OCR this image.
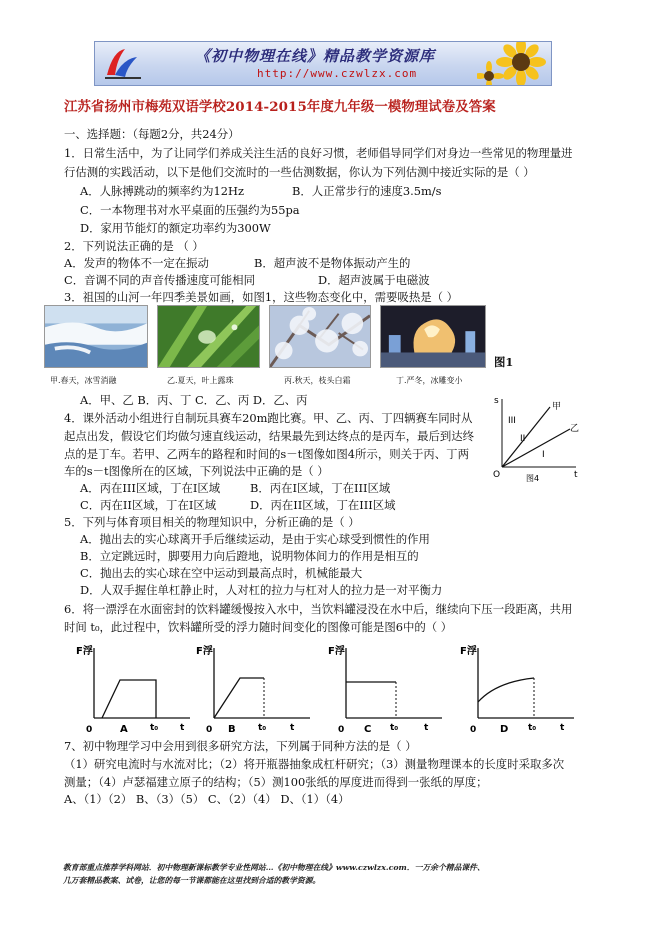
《初中物理在线》精品教学资源库
http://www.czwlzx.com
江苏省扬州市梅苑双语学校2014-2015年度九年级一模物理试卷及答案
一、选择题：（每题2分，共24分）
1．日常生活中，为了让同学们养成关注生活的良好习惯，老师倡导同学们对身边一些常见的物理量进
行估测的实践活动，以下是他们交流时的一些估测数据，你认为下列估测中接近实际的是（ ）
A．人脉搏跳动的频率约为12Hz	B．人正常步行的速度3.5m/s
C．一本物理书对水平桌面的压强约为55pa
D．家用节能灯的额定功率约为300W
2．下列说法正确的是 （ ）
A．发声的物体不一定在振动	B．超声波不是物体振动产生的
C．音调不同的声音传播速度可能相同	D．超声波属于电磁波
3．祖国的山河一年四季美景如画，如图1，这些物态变化中，需要吸热是（ ）
图1
甲.春天，冰雪消融	乙.夏天，叶上露珠	丙.秋天，枝头白霜	丁.严冬，冰雕变小
A．甲、乙 B．丙、丁 C．乙、丙 D．乙、丙
4．课外活动小组进行自制玩具赛车20m跑比赛。甲、乙、丙、丁四辆赛车同时从
起点出发，假设它们均做匀速直线运动，结果最先到达终点的是丙车，最后到达终
点的是丁车。若甲、乙两车的路程和时间的s－t图像如图4所示，则关于丙、丁两
车的s－t图像所在的区域，下列说法中正确的是（ ）
A．丙在III区域，丁在I区域	B．丙在I区域，丁在III区域
C．丙在II区域，丁在I区域	D．丙在II区域，丁在III区域
s
t
O
甲
乙
III
II
I
图4
5．下列与体育项目相关的物理知识中，分析正确的是（ ）
A．抛出去的实心球离开手后继续运动，是由于实心球受到惯性的作用
B．立定跳远时，脚要用力向后蹬地，说明物体间力的作用是相互的
C．抛出去的实心球在空中运动到最高点时，机械能最大
D．人双手握住单杠静止时，人对杠的拉力与杠对人的拉力是一对平衡力
6．将一漂浮在水面密封的饮料罐缓慢按入水中，当饮料罐浸没在水中后，继续向下压一段距离，共用
时间 t₀，此过程中，饮料罐所受的浮力随时间变化的图像可能是图6中的（ ）
F浮
0	A t₀ t
F浮
0 B t₀	t
F浮
0 C t₀	t
F浮
0 D t₀	t
7、初中物理学习中会用到很多研究方法，下列属于同种方法的是（ ）
（1）研究电流时与水流对比；（2）将开瓶器抽象成杠杆研究；（3）测量物理课本的长度时采取多次
测量；（4）卢瑟福建立原子的结构；（5）测100张纸的厚度进而得到一张纸的厚度；
A、（1）（2） B、（3）（5） C、（2）（4） D、（1）（4）
教育部重点推荐学科网站．初中物理新课标教学专业性网站…《初中物理在线》www.czwlzx.com．一万余个精品课件、
几万套精品教案、试卷，让您的每一节课都能在这里找到合适的教学资源。
